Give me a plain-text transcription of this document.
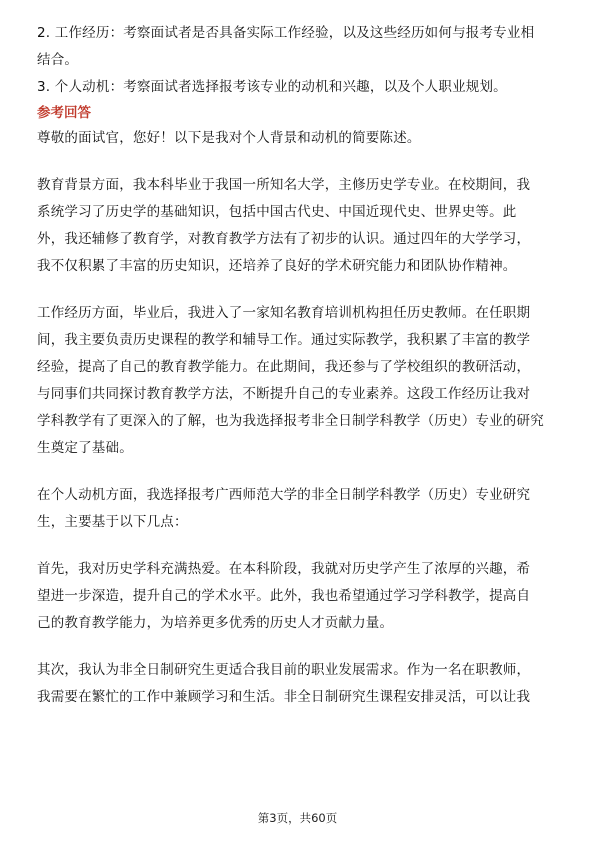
2. 工作经历：考察面试者是否具备实际工作经验，以及这些经历如何与报考专业相
结合。
3. 个人动机：考察面试者选择报考该专业的动机和兴趣，以及个人职业规划。
参考回答
尊敬的面试官，您好！以下是我对个人背景和动机的简要陈述。
教育背景方面，我本科毕业于我国一所知名大学，主修历史学专业。在校期间，我
系统学习了历史学的基础知识，包括中国古代史、中国近现代史、世界史等。此
外，我还辅修了教育学，对教育教学方法有了初步的认识。通过四年的大学学习，
我不仅积累了丰富的历史知识，还培养了良好的学术研究能力和团队协作精神。
工作经历方面，毕业后，我进入了一家知名教育培训机构担任历史教师。在任职期
间，我主要负责历史课程的教学和辅导工作。通过实际教学，我积累了丰富的教学
经验，提高了自己的教育教学能力。在此期间，我还参与了学校组织的教研活动，
与同事们共同探讨教育教学方法，不断提升自己的专业素养。这段工作经历让我对
学科教学有了更深入的了解，也为我选择报考非全日制学科教学（历史）专业的研究
生奠定了基础。
在个人动机方面，我选择报考广西师范大学的非全日制学科教学（历史）专业研究
生，主要基于以下几点：
首先，我对历史学科充满热爱。在本科阶段，我就对历史学产生了浓厚的兴趣，希
望进一步深造，提升自己的学术水平。此外，我也希望通过学习学科教学，提高自
己的教育教学能力，为培养更多优秀的历史人才贡献力量。
其次，我认为非全日制研究生更适合我目前的职业发展需求。作为一名在职教师，
我需要在繁忙的工作中兼顾学习和生活。非全日制研究生课程安排灵活，可以让我
第3页，共60页
